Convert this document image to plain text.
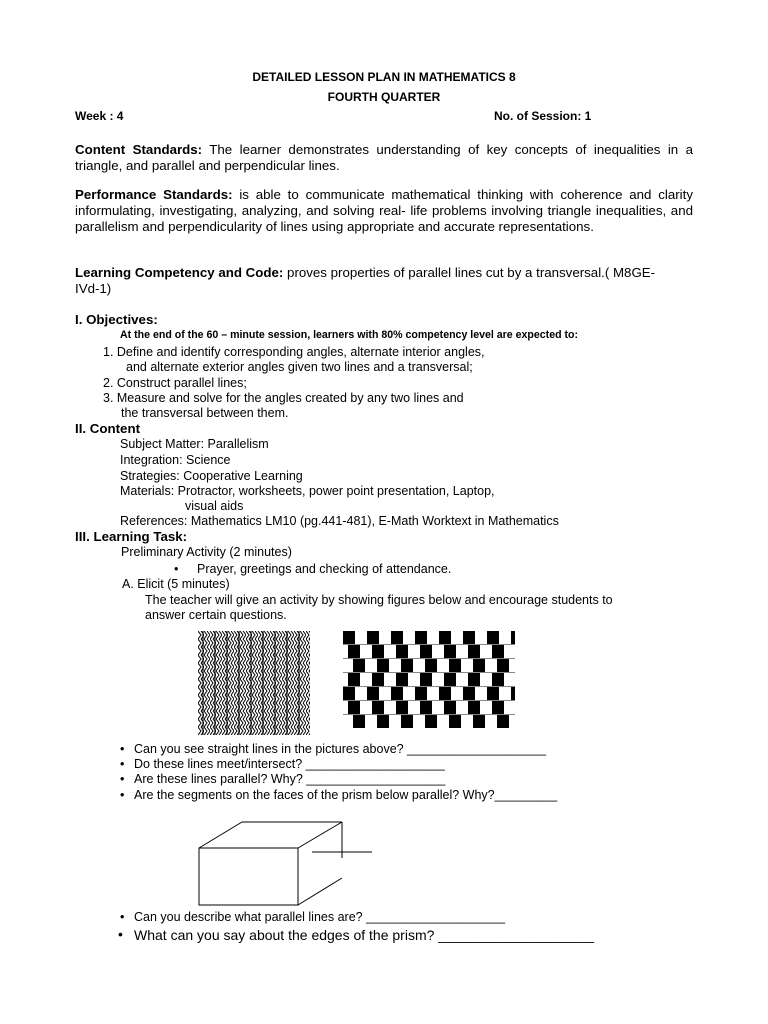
DETAILED LESSON PLAN IN MATHEMATICS 8
FOURTH QUARTER
Week : 4	No. of Session: 1
Content Standards: The learner demonstrates understanding of key concepts of inequalities in a triangle, and parallel and perpendicular lines.
Performance Standards: is able to communicate mathematical thinking with coherence and clarity informulating, investigating, analyzing, and solving real- life problems involving triangle inequalities, and parallelism and perpendicularity of lines using appropriate and accurate representations.
Learning Competency and Code: proves properties of parallel lines cut by a transversal.( M8GE-
IVd-1)
I. Objectives:
At the end of the 60 – minute session, learners with 80% competency level are expected to:
1. Define and identify corresponding angles, alternate interior angles,
and alternate exterior angles given two lines and a transversal;
2. Construct parallel lines;
3. Measure and solve for the angles created by any two lines and
the transversal between them.
II. Content
Subject Matter: Parallelism
Integration: Science
Strategies: Cooperative Learning
Materials: Protractor, worksheets, power point presentation, Laptop,
visual aids
References: Mathematics LM10 (pg.441-481), E-Math Worktext in Mathematics
III. Learning Task:
Preliminary Activity (2 minutes)
• Prayer, greetings and checking of attendance.
A. Elicit (5 minutes)
The teacher will give an activity by showing figures below and encourage students to
answer certain questions.
• Can you see straight lines in the pictures above? ____________________
• Do these lines meet/intersect? ____________________
• Are these lines parallel? Why? ____________________
• Are the segments on the faces of the prism below parallel? Why?_________
• Can you describe what parallel lines are? ____________________
• What can you say about the edges of the prism? ____________________
